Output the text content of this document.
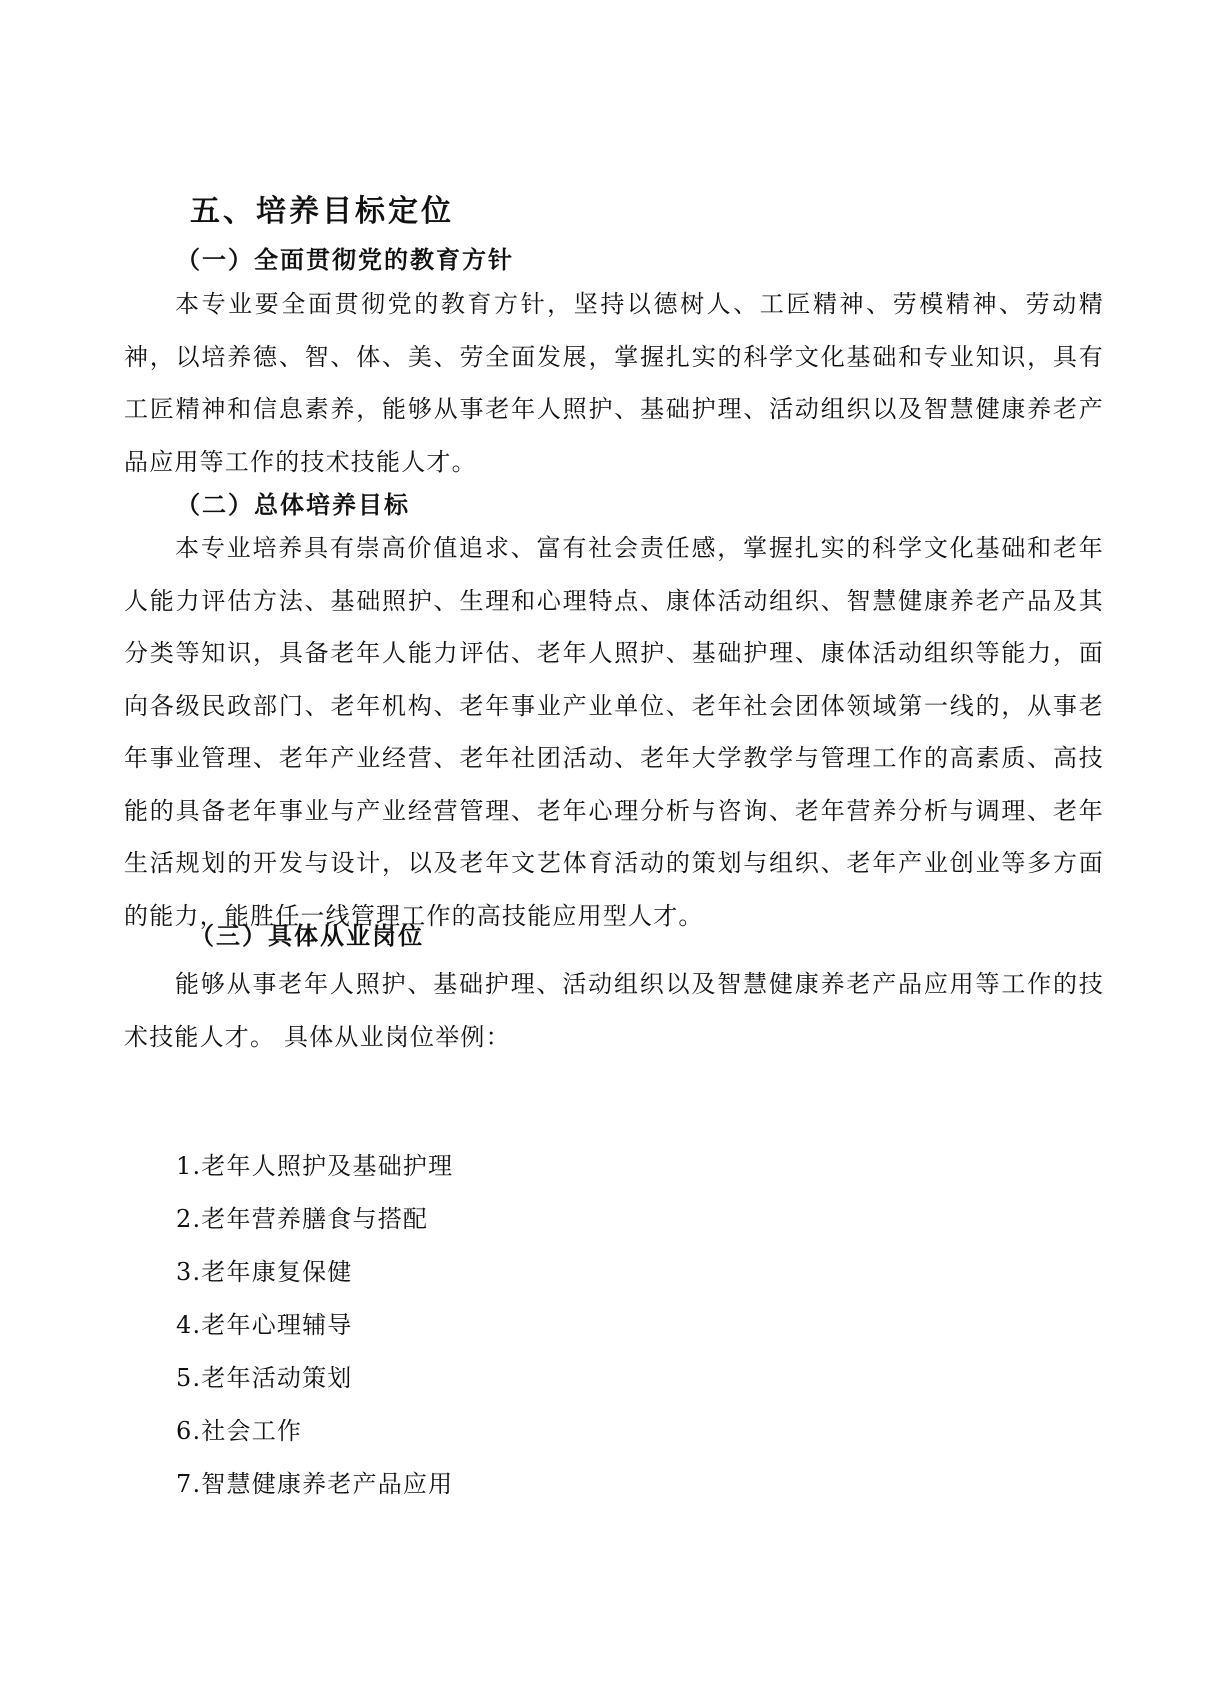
五、培养目标定位
（一）全面贯彻党的教育方针

本专业要全面贯彻党的教育方针，坚持以德树人、工匠精神、劳模精神、劳动精神，以培养德、智、体、美、劳全面发展，掌握扎实的科学文化基础和专业知识，具有工匠精神和信息素养，能够从事老年人照护、基础护理、活动组织以及智慧健康养老产品应用等工作的技术技能人才。

（二）总体培养目标

本专业培养具有崇高价值追求、富有社会责任感，掌握扎实的科学文化基础和老年人能力评估方法、基础照护、生理和心理特点、康体活动组织、智慧健康养老产品及其分类等知识，具备老年人能力评估、老年人照护、基础护理、康体活动组织等能力，面向各级民政部门、老年机构、老年事业产业单位、老年社会团体领域第一线的，从事老年事业管理、老年产业经营、老年社团活动、老年大学教学与管理工作的高素质、高技能的具备老年事业与产业经营管理、老年心理分析与咨询、老年营养分析与调理、老年生活规划的开发与设计，以及老年文艺体育活动的策划与组织、老年产业创业等多方面的能力，能胜任一线管理工作的高技能应用型人才。

（三）具体从业岗位

能够从事老年人照护、基础护理、活动组织以及智慧健康养老产品应用等工作的技术技能人才。 具体从业岗位举例：

1.老年人照护及基础护理
2.老年营养膳食与搭配
3.老年康复保健
4.老年心理辅导
5.老年活动策划
6.社会工作
7.智慧健康养老产品应用
